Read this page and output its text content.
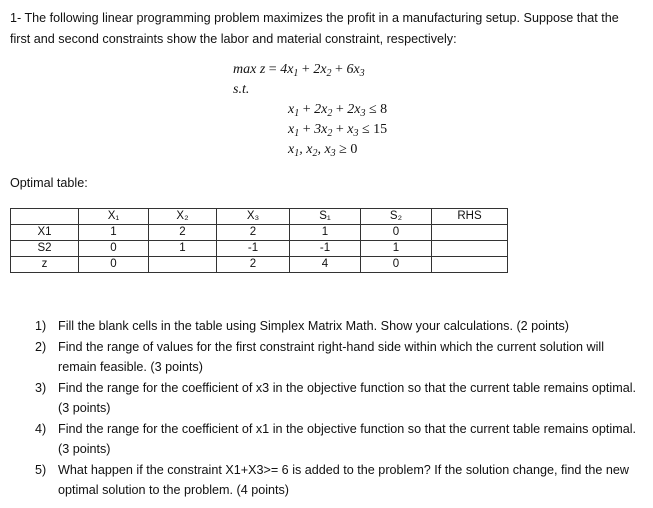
1- The following linear programming problem maximizes the profit in a manufacturing setup. Suppose that the first and second constraints show the labor and material constraint, respectively:
$\max z = 4x_1 + 2x_2 + 6x_3$
s.t.
$x_1 + 2x_2 + 2x_3 \le 8$
$x_1 + 3x_2 + x_3 \le 15$
$x_1$, $x_2$, $x_3 \ge 0$
Optimal table:
	X₁	X₂	X₃	S₁	S₂	RHS
X1	1	2	2	1	0	
S2	0	1	-1	-1	1	
z	0		2	4	0	
1) Fill the blank cells in the table using Simplex Matrix Math. Show your calculations. (2 points)
2) Find the range of values for the first constraint right-hand side within which the current solution will remain feasible. (3 points)
3) Find the range for the coefficient of x3 in the objective function so that the current table remains optimal. (3 points)
4) Find the range for the coefficient of x1 in the objective function so that the current table remains optimal. (3 points)
5) What happen if the constraint X1+X3>= 6 is added to the problem? If the solution change, find the new optimal solution to the problem. (4 points)
